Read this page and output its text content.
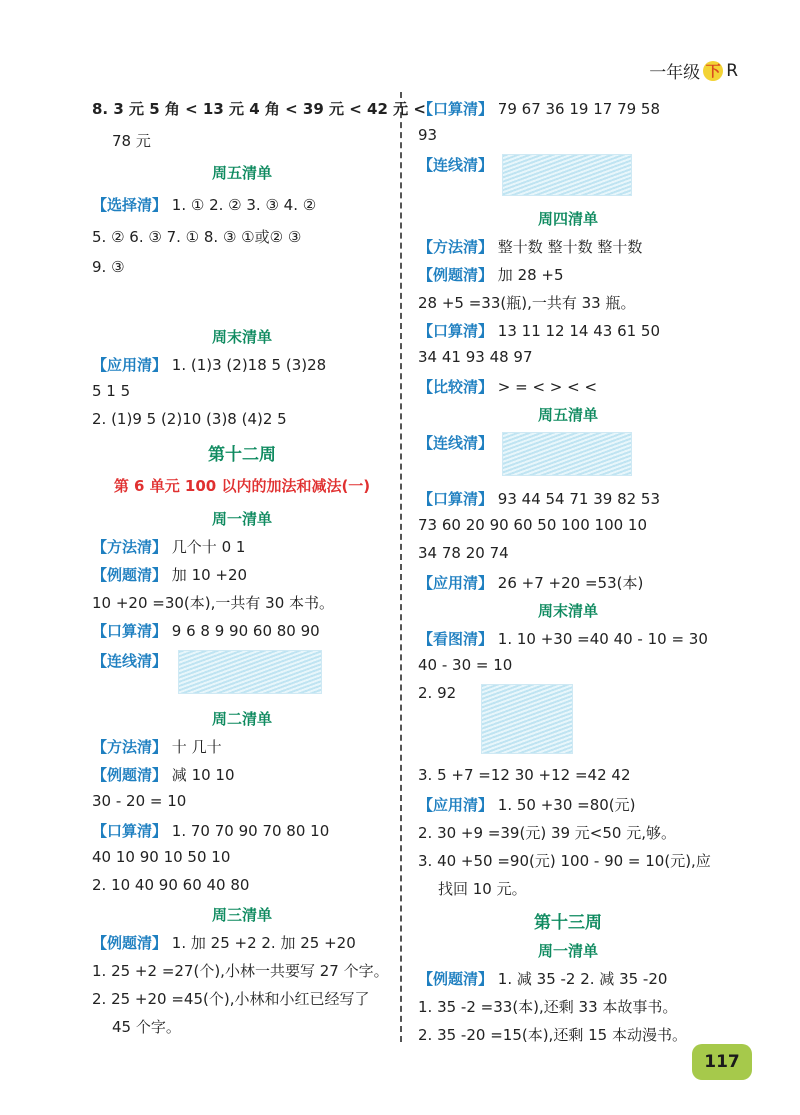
一年级 下 R
8. 3 元 5 角 < 13 元 4 角 < 39 元 < 42 元 <
78 元
周五清单
【选择清】 1. ① 2. ② 3. ③ 4. ②
5. ② 6. ③ 7. ① 8. ③ ①或② ③
9. ③
周末清单
【应用清】 1. (1)3 (2)18 5 (3)28
5 1 5
2. (1)9 5 (2)10 (3)8 (4)2 5
第十二周
第 6 单元 100 以内的加法和减法(一)
周一清单
【方法清】 几个十 0 1
【例题清】 加 10 +20
10 +20 =30(本),一共有 30 本书。
【口算清】 9 6 8 9 90 60 80 90
【连线清】
周二清单
【方法清】 十 几十
【例题清】 减 10 10
30 - 20 = 10
【口算清】 1. 70 70 90 70 80 10
40 10 90 10 50 10
2. 10 40 90 60 40 80
周三清单
【例题清】 1. 加 25 +2 2. 加 25 +20
1. 25 +2 =27(个),小林一共要写 27 个字。
2. 25 +20 =45(个),小林和小红已经写了
45 个字。
【口算清】 79 67 36 19 17 79 58
93
【连线清】
周四清单
【方法清】 整十数 整十数 整十数
【例题清】 加 28 +5
28 +5 =33(瓶),一共有 33 瓶。
【口算清】 13 11 12 14 43 61 50
34 41 93 48 97
【比较清】 > = < > < <
周五清单
【连线清】
【口算清】 93 44 54 71 39 82 53
73 60 20 90 60 50 100 100 10
34 78 20 74
【应用清】 26 +7 +20 =53(本)
周末清单
【看图清】 1. 10 +30 =40 40 - 10 = 30
40 - 30 = 10
2. 92
3. 5 +7 =12 30 +12 =42 42
【应用清】 1. 50 +30 =80(元)
2. 30 +9 =39(元) 39 元<50 元,够。
3. 40 +50 =90(元) 100 - 90 = 10(元),应
找回 10 元。
第十三周
周一清单
【例题清】 1. 减 35 -2 2. 减 35 -20
1. 35 -2 =33(本),还剩 33 本故事书。
2. 35 -20 =15(本),还剩 15 本动漫书。
117
